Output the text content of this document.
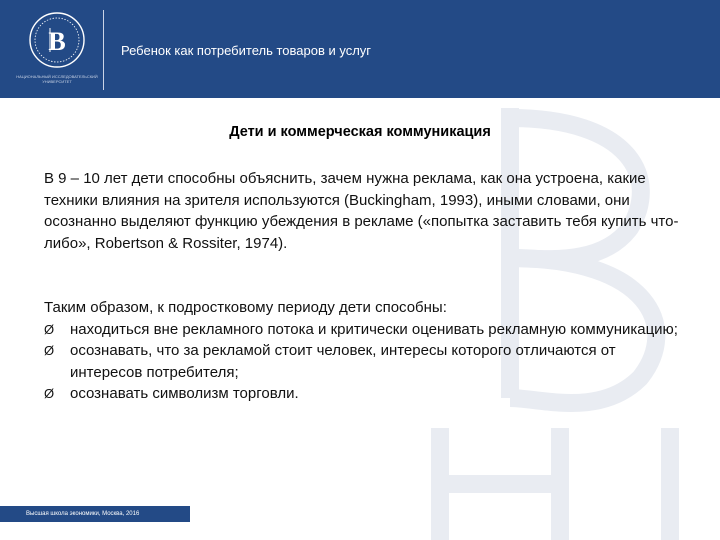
В
НАЦИОНАЛЬНЫЙ ИССЛЕДОВАТЕЛЬСКИЙ УНИВЕРСИТЕТ
Ребенок как потребитель товаров и услуг
Дети и коммерческая коммуникация

В 9 – 10 лет дети способны объяснить, зачем нужна реклама, как она устроена, какие техники влияния на зрителя используются (Buckingham, 1993), иными словами, они осознанно выделяют функцию убеждения в рекламе («попытка заставить тебя купить что-либо», Robertson & Rossiter, 1974).

Таким образом, к подростковому периоду дети способны:
Ø находиться вне рекламного потока и критически оценивать рекламную коммуникацию;
Ø осознавать, что за рекламой стоит человек, интересы которого отличаются от интересов потребителя;
Ø осознавать символизм торговли.
Высшая школа экономики, Москва, 2016
